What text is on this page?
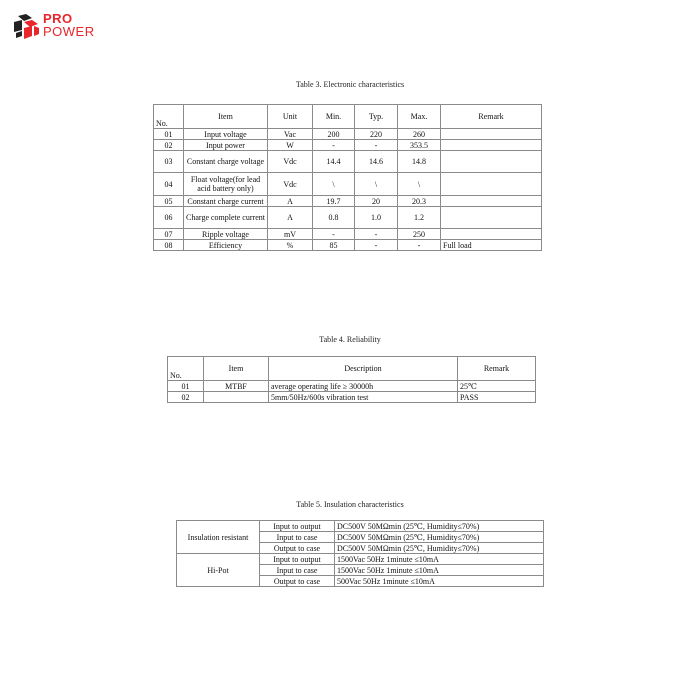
PRO
POWER
Table 3. Electronic characteristics
No.	Item	Unit	Min.	Typ.	Max.	Remark
01	Input voltage	Vac	200	220	260	
02	Input power	W	-	-	353.5	
03	Constant charge voltage	Vdc	14.4	14.6	14.8	
04	Float voltage(for lead acid battery only)	Vdc	\	\	\	
05	Constant charge current	A	19.7	20	20.3	
06	Charge complete current	A	0.8	1.0	1.2	
07	Ripple voltage	mV	-	-	250	
08	Efficiency	%	85	-	-	Full load
Table 4. Reliability
No.	Item	Description	Remark
01	MTBF	average operating life ≥ 30000h	25℃
02		5mm/50Hz/600s vibration test	PASS
Table 5. Insulation characteristics
Insulation resistant	Input to output	DC500V 50MΩmin (25℃, Humidity≤70%)
	Input to case	DC500V 50MΩmin (25℃, Humidity≤70%)
	Output to case	DC500V 50MΩmin (25℃, Humidity≤70%)
Hi-Pot	Input to output	1500Vac 50Hz 1minute ≤10mA
	Input to case	1500Vac 50Hz 1minute ≤10mA
	Output to case	500Vac 50Hz 1minute ≤10mA
